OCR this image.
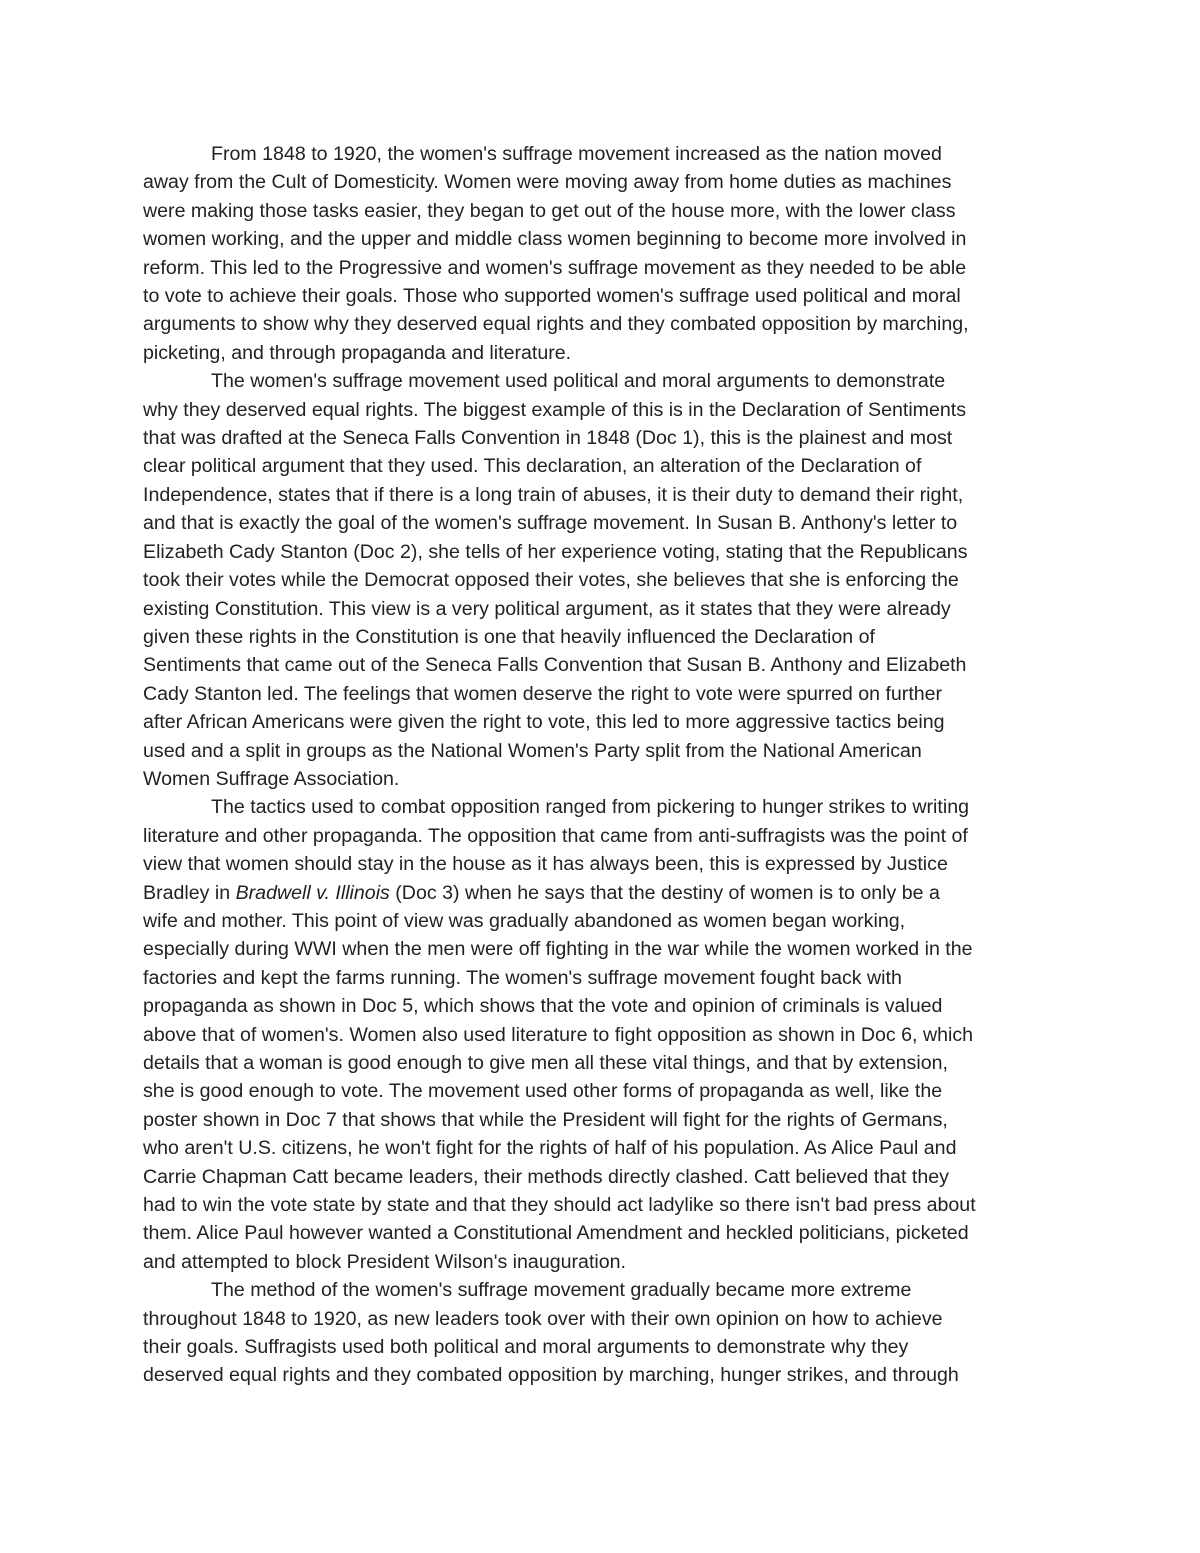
From 1848 to 1920, the women's suffrage movement increased as the nation moved
away from the Cult of Domesticity. Women were moving away from home duties as machines
were making those tasks easier, they began to get out of the house more, with the lower class
women working, and the upper and middle class women beginning to become more involved in
reform. This led to the Progressive and women's suffrage movement as they needed to be able
to vote to achieve their goals. Those who supported women's suffrage used political and moral
arguments to show why they deserved equal rights and they combated opposition by marching,
picketing, and through propaganda and literature.
The women's suffrage movement used political and moral arguments to demonstrate
why they deserved equal rights. The biggest example of this is in the Declaration of Sentiments
that was drafted at the Seneca Falls Convention in 1848 (Doc 1), this is the plainest and most
clear political argument that they used. This declaration, an alteration of the Declaration of
Independence, states that if there is a long train of abuses, it is their duty to demand their right,
and that is exactly the goal of the women's suffrage movement. In Susan B. Anthony's letter to
Elizabeth Cady Stanton (Doc 2), she tells of her experience voting, stating that the Republicans
took their votes while the Democrat opposed their votes, she believes that she is enforcing the
existing Constitution. This view is a very political argument, as it states that they were already
given these rights in the Constitution is one that heavily influenced the Declaration of
Sentiments that came out of the Seneca Falls Convention that Susan B. Anthony and Elizabeth
Cady Stanton led. The feelings that women deserve the right to vote were spurred on further
after African Americans were given the right to vote, this led to more aggressive tactics being
used and a split in groups as the National Women's Party split from the National American
Women Suffrage Association.
The tactics used to combat opposition ranged from pickering to hunger strikes to writing
literature and other propaganda. The opposition that came from anti-suffragists was the point of
view that women should stay in the house as it has always been, this is expressed by Justice
Bradley in Bradwell v. Illinois (Doc 3) when he says that the destiny of women is to only be a
wife and mother. This point of view was gradually abandoned as women began working,
especially during WWI when the men were off fighting in the war while the women worked in the
factories and kept the farms running. The women's suffrage movement fought back with
propaganda as shown in Doc 5, which shows that the vote and opinion of criminals is valued
above that of women's. Women also used literature to fight opposition as shown in Doc 6, which
details that a woman is good enough to give men all these vital things, and that by extension,
she is good enough to vote. The movement used other forms of propaganda as well, like the
poster shown in Doc 7 that shows that while the President will fight for the rights of Germans,
who aren't U.S. citizens, he won't fight for the rights of half of his population. As Alice Paul and
Carrie Chapman Catt became leaders, their methods directly clashed. Catt believed that they
had to win the vote state by state and that they should act ladylike so there isn't bad press about
them. Alice Paul however wanted a Constitutional Amendment and heckled politicians, picketed
and attempted to block President Wilson's inauguration.
The method of the women's suffrage movement gradually became more extreme
throughout 1848 to 1920, as new leaders took over with their own opinion on how to achieve
their goals. Suffragists used both political and moral arguments to demonstrate why they
deserved equal rights and they combated opposition by marching, hunger strikes, and through
